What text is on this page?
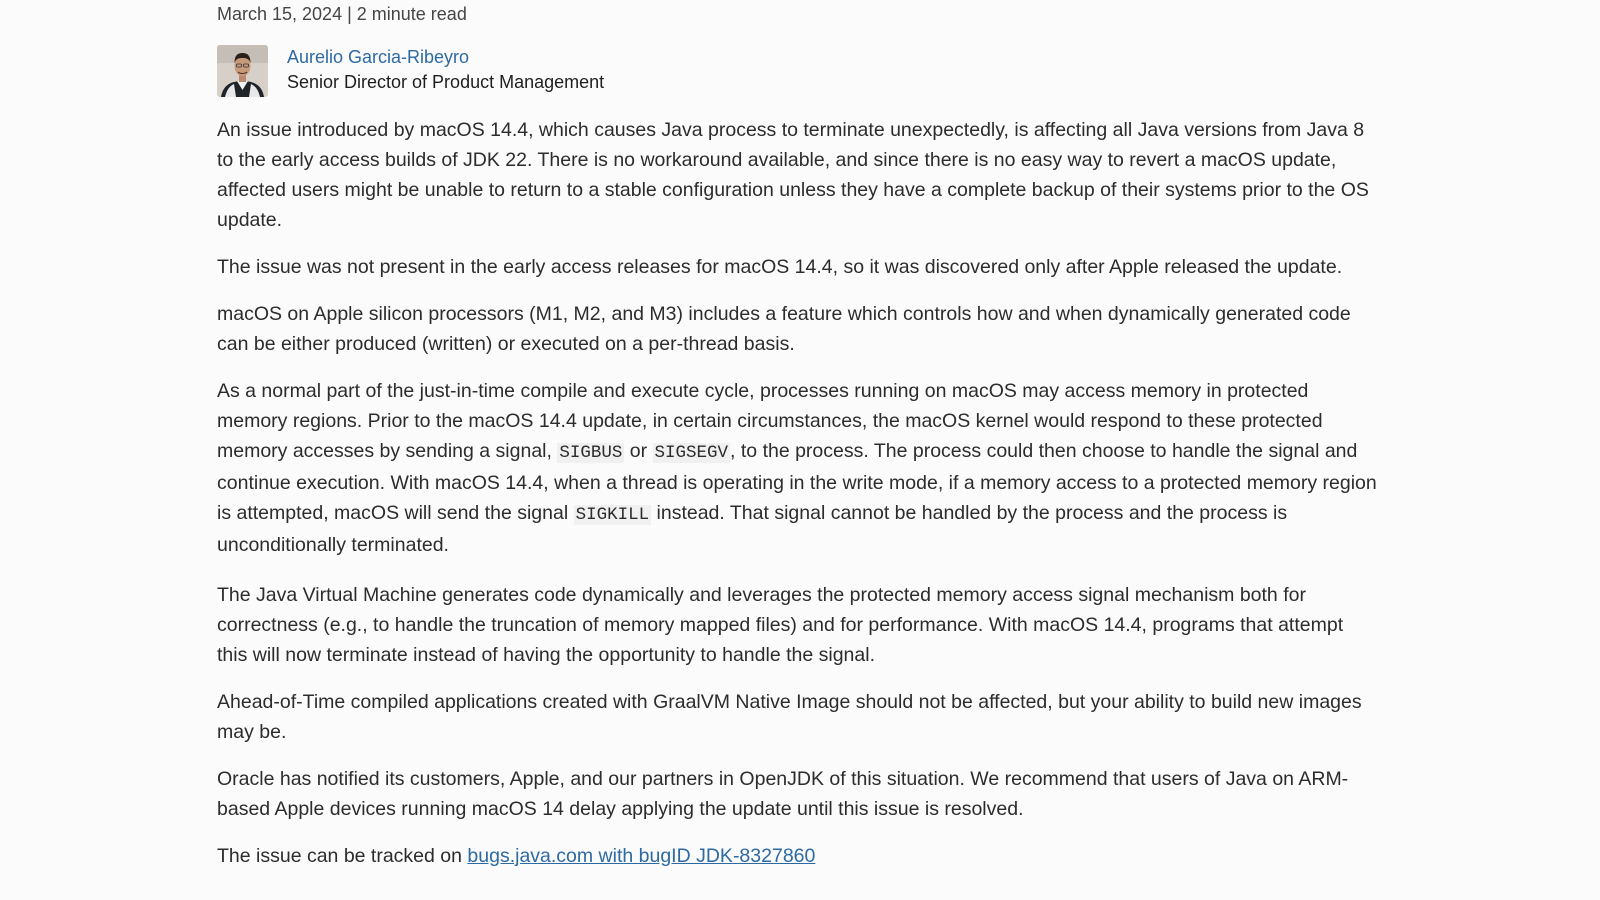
March 15, 2024 | 2 minute read
Aurelio Garcia-Ribeyro
Senior Director of Product Management

An issue introduced by macOS 14.4, which causes Java process to terminate unexpectedly, is affecting all Java versions from Java 8 to the early access builds of JDK 22. There is no workaround available, and since there is no easy way to revert a macOS update, affected users might be unable to return to a stable configuration unless they have a complete backup of their systems prior to the OS update.

The issue was not present in the early access releases for macOS 14.4, so it was discovered only after Apple released the update.

macOS on Apple silicon processors (M1, M2, and M3) includes a feature which controls how and when dynamically generated code can be either produced (written) or executed on a per-thread basis.

As a normal part of the just-in-time compile and execute cycle, processes running on macOS may access memory in protected memory regions. Prior to the macOS 14.4 update, in certain circumstances, the macOS kernel would respond to these protected memory accesses by sending a signal, SIGBUS or SIGSEGV , to the process. The process could then choose to handle the signal and continue execution. With macOS 14.4, when a thread is operating in the write mode, if a memory access to a protected memory region is attempted, macOS will send the signal SIGKILL instead. That signal cannot be handled by the process and the process is unconditionally terminated.

The Java Virtual Machine generates code dynamically and leverages the protected memory access signal mechanism both for correctness (e.g., to handle the truncation of memory mapped files) and for performance. With macOS 14.4, programs that attempt this will now terminate instead of having the opportunity to handle the signal.

Ahead-of-Time compiled applications created with GraalVM Native Image should not be affected, but your ability to build new images may be.

Oracle has notified its customers, Apple, and our partners in OpenJDK of this situation. We recommend that users of Java on ARM-based Apple devices running macOS 14 delay applying the update until this issue is resolved.

The issue can be tracked on bugs.java.com with bugID JDK-8327860
